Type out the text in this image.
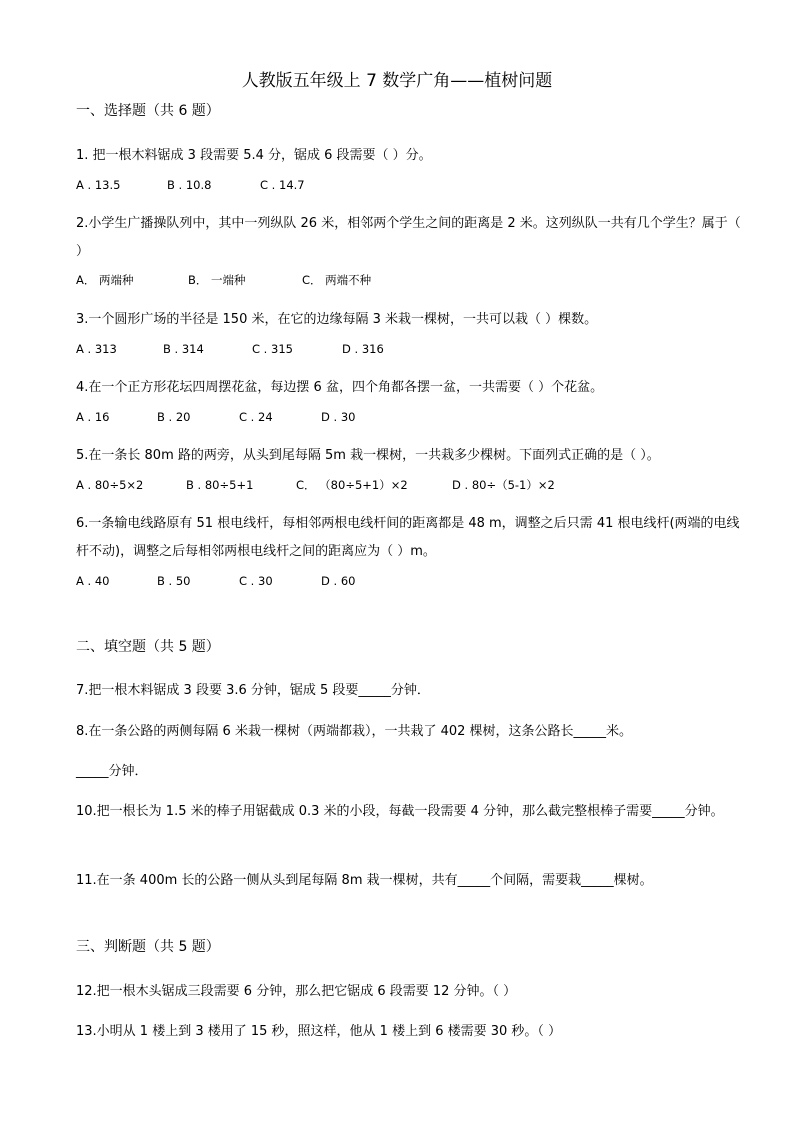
人教版五年级上 7 数学广角——植树问题
一、选择题（共 6 题）
1. 把一根木料锯成 3 段需要 5.4 分，锯成 6 段需要（ ）分。
A . 13.5	B . 10.8	C . 14.7
2.小学生广播操队列中，其中一列纵队 26 米，相邻两个学生之间的距离是 2 米。这列纵队一共有几个学生？属于（ ）
A． 两端种	B． 一端种	C． 两端不种
3.一个圆形广场的半径是 150 米，在它的边缘每隔 3 米栽一棵树，一共可以栽（ ）棵数。
A . 313	B . 314	C . 315	D . 316
4.在一个正方形花坛四周摆花盆，每边摆 6 盆，四个角都各摆一盆，一共需要（ ）个花盆。
A . 16	B . 20	C . 24	D . 30
5.在一条长 80m 路的两旁，从头到尾每隔 5m 栽一棵树，一共栽多少棵树。下面列式正确的是（ ）。
A . 80÷5×2	B . 80÷5+1	C． （80÷5+1）×2	D . 80÷（5-1）×2
6.一条输电线路原有 51 根电线杆，每相邻两根电线杆间的距离都是 48 m，调整之后只需 41 根电线杆(两端的电线杆不动)，调整之后每相邻两根电线杆之间的距离应为（ ）m。
A . 40	B . 50	C . 30	D . 60
二、填空题（共 5 题）
7.把一根木料锯成 3 段要 3.6 分钟，锯成 5 段要_____分钟．
8.在一条公路的两侧每隔 6 米栽一棵树（两端都栽），一共栽了 402 棵树，这条公路长_____米。
_____分钟．
10.把一根长为 1.5 米的棒子用锯截成 0.3 米的小段，每截一段需要 4 分钟，那么截完整根棒子需要_____分钟。
11.在一条 400m 长的公路一侧从头到尾每隔 8m 栽一棵树，共有_____个间隔，需要栽_____棵树。
三、判断题（共 5 题）
12.把一根木头锯成三段需要 6 分钟，那么把它锯成 6 段需要 12 分钟。（ ）
13.小明从 1 楼上到 3 楼用了 15 秒，照这样，他从 1 楼上到 6 楼需要 30 秒。（ ）
